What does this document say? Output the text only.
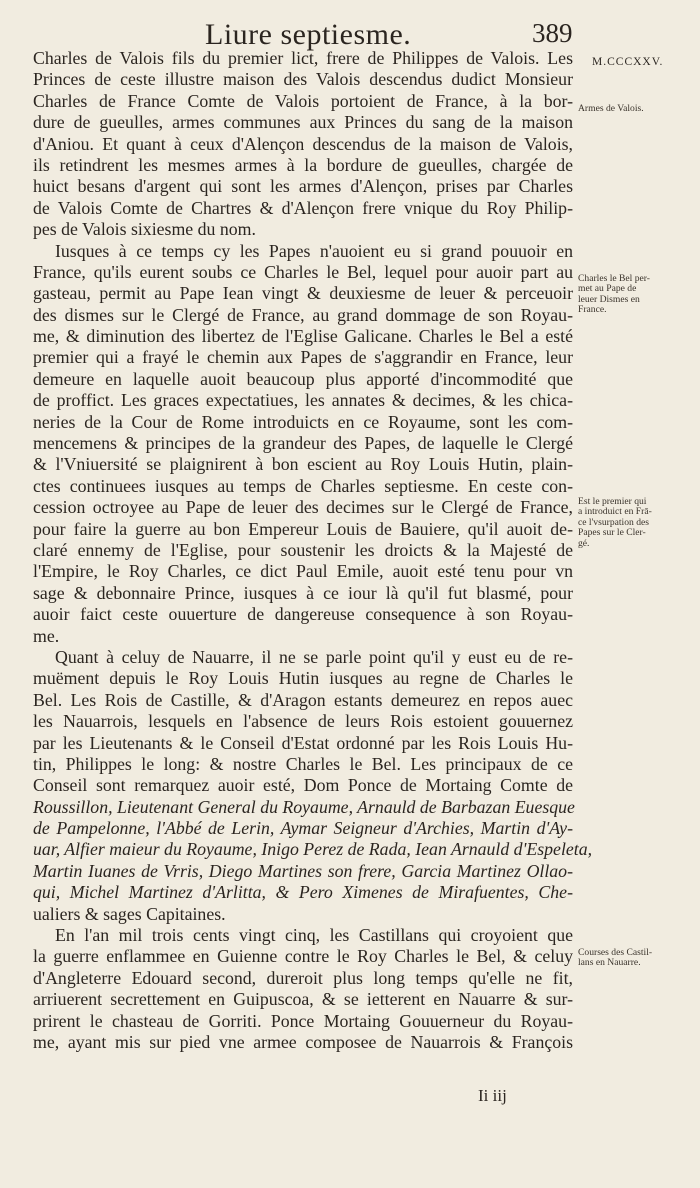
Liure septiesme.	389
M.CCCXXV.
Charles de Valois fils du premier lict, frere de Philippes de Valois. Les
Princes de ceste illustre maison des Valois descendus dudict Monsieur
Charles de France Comte de Valois portoient de France, à la bor-
dure de gueulles, armes communes aux Princes du sang de la maison
d'Aniou. Et quant à ceux d'Alençon descendus de la maison de Valois,
ils retindrent les mesmes armes à la bordure de gueulles, chargée de
huict besans d'argent qui sont les armes d'Alençon, prises par Charles
de Valois Comte de Chartres & d'Alençon frere vnique du Roy Philip-
pes de Valois sixiesme du nom.
Iusques à ce temps cy les Papes n'auoient eu si grand pouuoir en
France, qu'ils eurent soubs ce Charles le Bel, lequel pour auoir part au
gasteau, permit au Pape Iean vingt & deuxiesme de leuer & perceuoir
des dismes sur le Clergé de France, au grand dommage de son Royau-
me, & diminution des libertez de l'Eglise Galicane. Charles le Bel a esté
premier qui a frayé le chemin aux Papes de s'aggrandir en France, leur
demeure en laquelle auoit beaucoup plus apporté d'incommodité que
de proffict. Les graces expectatiues, les annates & decimes, & les chica-
neries de la Cour de Rome introduicts en ce Royaume, sont les com-
mencemens & principes de la grandeur des Papes, de laquelle le Clergé
& l'Vniuersité se plaignirent à bon escient au Roy Louis Hutin, plain-
ctes continuees iusques au temps de Charles septiesme. En ceste con-
cession octroyee au Pape de leuer des decimes sur le Clergé de France,
pour faire la guerre au bon Empereur Louis de Bauiere, qu'il auoit de-
claré ennemy de l'Eglise, pour soustenir les droicts & la Majesté de
l'Empire, le Roy Charles, ce dict Paul Emile, auoit esté tenu pour vn
sage & debonnaire Prince, iusques à ce iour là qu'il fut blasmé, pour
auoir faict ceste ouuerture de dangereuse consequence à son Royau-
me.
Quant à celuy de Nauarre, il ne se parle point qu'il y eust eu de re-
muëment depuis le Roy Louis Hutin iusques au regne de Charles le
Bel. Les Rois de Castille, & d'Aragon estants demeurez en repos auec
les Nauarrois, lesquels en l'absence de leurs Rois estoient gouuernez
par les Lieutenants & le Conseil d'Estat ordonné par les Rois Louis Hu-
tin, Philippes le long: & nostre Charles le Bel. Les principaux de ce
Conseil sont remarquez auoir esté, Dom Ponce de Mortaing Comte de
Roussillon, Lieutenant General du Royaume, Arnauld de Barbazan Euesque
de Pampelonne, l'Abbé de Lerin, Aymar Seigneur d'Archies, Martin d'Ay-
uar, Alfier maieur du Royaume, Inigo Perez de Rada, Iean Arnauld d'Espeleta,
Martin Iuanes de Vrris, Diego Martines son frere, Garcia Martinez Ollao-
qui, Michel Martinez d'Arlitta, & Pero Ximenes de Mirafuentes, Che-
ualiers & sages Capitaines.
En l'an mil trois cents vingt cinq, les Castillans qui croyoient que
la guerre enflammee en Guienne contre le Roy Charles le Bel, & celuy
d'Angleterre Edouard second, dureroit plus long temps qu'elle ne fit,
arriuerent secrettement en Guipuscoa, & se ietterent en Nauarre & sur-
prirent le chasteau de Gorriti. Ponce Mortaing Gouuerneur du Royau-
me, ayant mis sur pied vne armee composee de Nauarrois & François
Armes de Valois.
Charles le Bel per-
met au Pape de
leuer Dismes en
France.
Est le premier qui
a introduict en Frā-
ce l'vsurpation des
Papes sur le Cler-
gé.
Courses des Castil-
lans en Nauarre.
Ii iij
